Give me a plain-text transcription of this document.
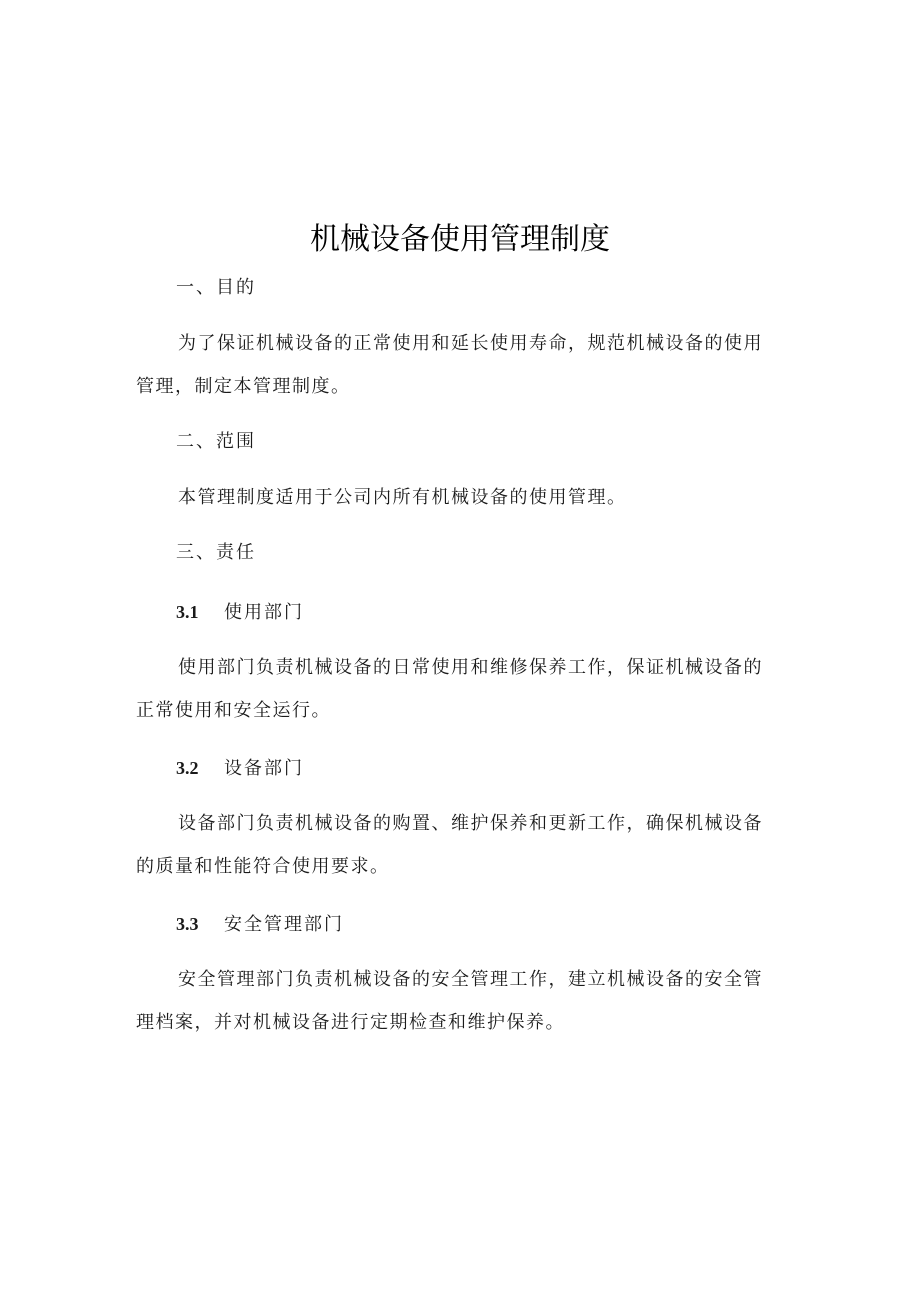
机械设备使用管理制度
一、目的

为了保证机械设备的正常使用和延长使用寿命，规范机械设备的使用管理，制定本管理制度。

二、范围

本管理制度适用于公司内所有机械设备的使用管理。

三、责任
3.1 使用部门

使用部门负责机械设备的日常使用和维修保养工作，保证机械设备的正常使用和安全运行。

3.2 设备部门

设备部门负责机械设备的购置、维护保养和更新工作，确保机械设备的质量和性能符合使用要求。

3.3 安全管理部门

安全管理部门负责机械设备的安全管理工作，建立机械设备的安全管理档案，并对机械设备进行定期检查和维护保养。
